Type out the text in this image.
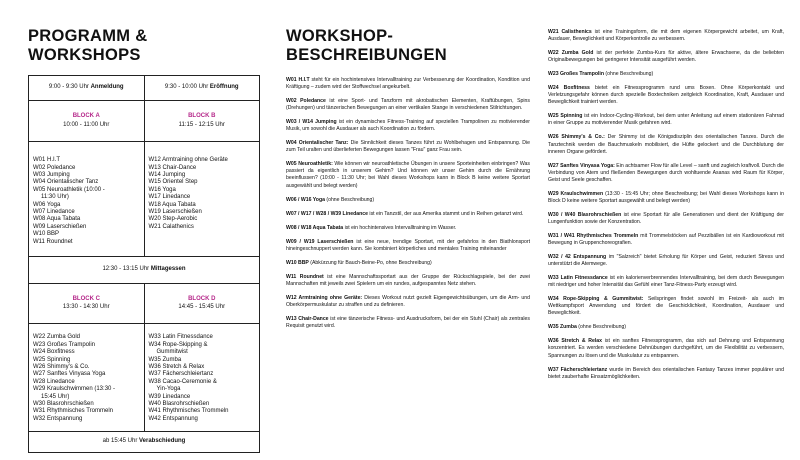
PROGRAMM &
WORKSHOPS
9:00 - 9:30 Uhr Anmeldung	9:30 - 10:00 Uhr Eröffnung
BLOCK A
10:00 - 11:00 Uhr
BLOCK B
11:15 - 12:15 Uhr
W01 H.I.T
W02 Poledance
W03 Jumping
W04 Orientalischer Tanz
W05 Neuroathletik (10:00 -
11:30 Uhr)
W06 Yoga
W07 Linedance
W08 Aqua Tabata
W09 Laserschießen
W10 BBP
W11 Roundnet
W12 Armtraining ohne Geräte
W13 Chair-Dance
W14 Jumping
W15 Orientel Step
W16 Yoga
W17 Linedance
W18 Aqua Tabata
W19 Laserschießen
W20 Step-Aerobic
W21 Calathenics
12:30 - 13:15 Uhr Mittagessen
BLOCK C
13:30 - 14:30 Uhr
BLOCK D
14:45 - 15:45 Uhr
W22 Zumba Gold
W23 Großes Trampolin
W24 Boxfitness
W25 Spinning
W26 Shimmy's & Co.
W27 Sanftes Vinyasa Yoga
W28 Linedance
W29 Kraulschwimmen (13:30 -
15:45 Uhr)
W30 Blasrohrschießen
W31 Rhythmisches Trommeln
W32 Entspannung
W33 Latin Fitnessdance
W34 Rope-Skipping &
Gummitwist
W35 Zumba
W36 Stretch & Relax
W37 Fächerschleiertanz
W38 Cacao-Ceremonie &
Yin-Yoga
W39 Linedance
W40 Blasrohrschießen
W41 Rhythmisches Trommeln
W42 Entspannung
ab 15:45 Uhr Verabschiedung
WORKSHOP-
BESCHREIBUNGEN

W01 H.I.T steht für ein hochintensives Intervalltraining zur Verbesserung der Koordination, Kondition und Kräftigung – zudem wird der Stoffwechsel angekurbelt.

W02 Poledance ist eine Sport- und Tanzform mit akrobatischen Elementen, Kraftübungen, Spins (Drehungen) und tänzerischen Bewegungen an einer vertikalen Stange in verschiedenen Stilrichtungen.

W03 / W14 Jumping ist ein dynamisches Fitness-Training auf speziellen Trampolinen zu motivierender Musik, um sowohl die Ausdauer als auch Koordination zu fördern.

W04 Orientalischer Tanz: Die Sinnlichkeit dieses Tanzes führt zu Wohlbehagen und Entspannung. Die zum Teil uralten und überlieferten Bewegungen lassen "Frau" ganz Frau sein.

W05 Neuroathletik: Wie können wir neuroathletische Übungen in unsere Sporteinheiten einbringen? Was passiert da eigentlich in unserem Gehirn? Und können wir unser Gehirn durch die Ernährung beeinflussen? (10:00 - 11:30 Uhr; bei Wahl dieses Workshops kann in Block B keine weitere Sportart ausgewählt und belegt werden)

W06 / W16 Yoga (ohne Beschreibung)

W07 / W17 / W28 / W39 Linedance ist ein Tanzstil, der aus Amerika stammt und in Reihen getanzt wird.

W08 / W18 Aqua Tabata ist ein hochintensives Intervalltraining im Wasser.

W09 / W19 Laserschießen ist eine neue, trendige Sportart, mit der gefahrlos in den Biathlonsport hineingeschnuppert werden kann. Sie kombiniert körperliches und mentales Training miteinander

W10 BBP (Abkürzung für Bauch-Beine-Po, ohne Beschreibung)

W11 Roundnet ist eine Mannschaftssportart aus der Gruppe der Rückschlagspiele, bei der zwei Mannschaften mit jeweils zwei Spielern um ein rundes, aufgespanntes Netz stehen.

W12 Armtraining ohne Geräte: Dieses Workout nutzt gezielt Eigengewichtsübungen, um die Arm- und Oberkörpermuskulatur zu straffen und zu definieren.

W13 Chair-Dance ist eine tänzerische Fitness- und Ausdrucksform, bei der ein Stuhl (Chair) als zentrales Requisit genutzt wird.

W21 Calisthenics ist eine Trainingsform, die mit dem eigenen Körpergewicht arbeitet, um Kraft, Ausdauer, Beweglichkeit und Körperkontrolle zu verbessern.

W22 Zumba Gold ist der perfekte Zumba-Kurs für aktive, ältere Erwachsene, da die beliebten Originalbewegungen bei geringerer Intensität ausgeführt werden.

W23 Großes Trampolin (ohne Beschreibung)

W24 Boxfitness bietet ein Fitnessprogramm rund ums Boxen. Ohne Körperkontakt und Verletzungsgefahr können durch spezielle Boxtechniken zeitgleich Koordination, Kraft, Ausdauer und Beweglichkeit trainiert werden.

W25 Spinning ist ein Indoor-Cycling-Workout, bei dem unter Anleitung auf einem stationären Fahrrad in einer Gruppe zu motivierender Musik gefahren wird.

W26 Shimmy's & Co.: Der Shimmy ist die Königsdisziplin des orientalischen Tanzes. Durch die Tanztechnik werden die Bauchmuskeln mobilisiert, die Hüfte gelockert und die Durchblutung der inneren Organe gefördert.

W27 Sanftes Vinyasa Yoga: Ein achtsamer Flow für alle Level – sanft und zugleich kraftvoll. Durch die Verbindung von Atem und fließenden Bewegungen durch wohltuende Asanas wird Raum für Körper, Geist und Seele geschaffen.

W29 Kraulschwimmen (13:30 - 15:45 Uhr; ohne Beschreibung; bei Wahl dieses Workshops kann in Block D keine weitere Sportart ausgewählt und belegt werden)

W30 / W40 Blasrohrschießen ist eine Sportart für alle Generationen und dient der Kräftigung der Lungenfunktion sowie der Konzentration.

W31 / W41 Rhythmisches Trommeln mit Trommelstöcken auf Pezzibällen ist ein Kardioworkout mit Bewegung in Gruppenchoreografien.

W32 / 42 Entspannung im "Salzreich" bietet Erholung für Körper und Geist, reduziert Stress und unterstützt die Atemwege.

W33 Latin Fitnessdance ist ein kalorienverbrennendes Intervalltraining, bei dem durch Bewegungen mit niedriger und hoher Intensität das Gefühl einer Tanz-Fitness-Party erzeugt wird.

W34 Rope-Skipping & Gummitwist: Seilspringen findet sowohl im Freizeit- als auch im Wettkampfsport Anwendung und fördert die Geschicklichkeit, Koordination, Ausdauer und Beweglichkeit.

W35 Zumba (ohne Beschreibung)

W36 Stretch & Relax ist ein sanftes Fitnessprogramm, das sich auf Dehnung und Entspannung konzentriert. Es werden verschiedene Dehnübungen durchgeführt, um die Flexibilität zu verbessern, Spannungen zu lösen und die Muskulatur zu entspannen.

W37 Fächerschleiertanz wurde im Bereich des orientalischen Fantasy Tanzes immer populärer und bietet zauberhafte Einsatzmöglichkeiten.
